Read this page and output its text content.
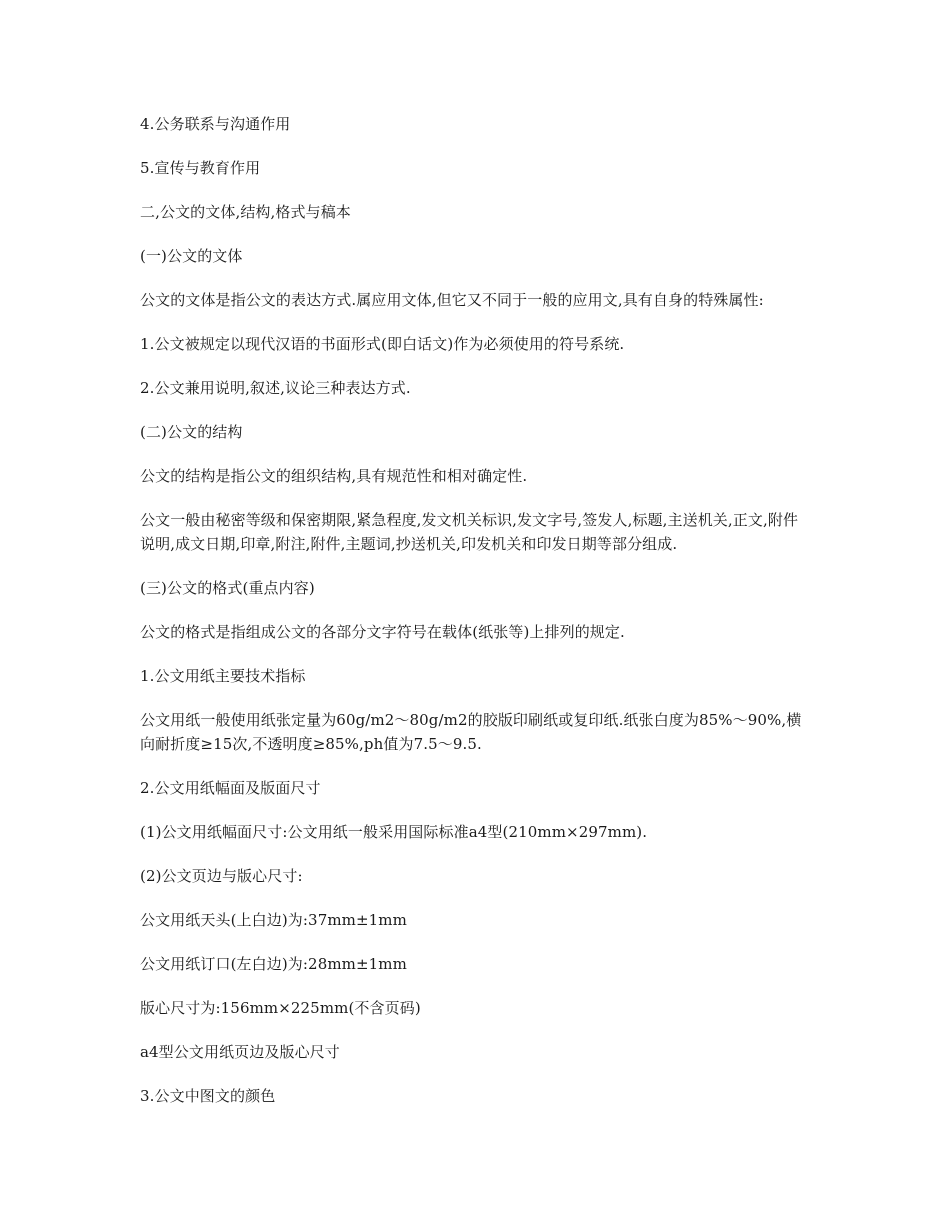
4.公务联系与沟通作用

5.宣传与教育作用

二,公文的文体,结构,格式与稿本

(一)公文的文体

公文的文体是指公文的表达方式.属应用文体,但它又不同于一般的应用文,具有自身的特殊属性:

1.公文被规定以现代汉语的书面形式(即白话文)作为必须使用的符号系统.

2.公文兼用说明,叙述,议论三种表达方式.

(二)公文的结构

公文的结构是指公文的组织结构,具有规范性和相对确定性.

公文一般由秘密等级和保密期限,紧急程度,发文机关标识,发文字号,签发人,标题,主送机关,正文,附件说明,成文日期,印章,附注,附件,主题词,抄送机关,印发机关和印发日期等部分组成.

(三)公文的格式(重点内容)

公文的格式是指组成公文的各部分文字符号在载体(纸张等)上排列的规定.

1.公文用纸主要技术指标

公文用纸一般使用纸张定量为60g/m2～80g/m2的胶版印刷纸或复印纸.纸张白度为85%～90%,横向耐折度≥15次,不透明度≥85%,ph值为7.5～9.5.

2.公文用纸幅面及版面尺寸

(1)公文用纸幅面尺寸:公文用纸一般采用国际标准a4型(210mm×297mm).

(2)公文页边与版心尺寸:

公文用纸天头(上白边)为:37mm±1mm

公文用纸订口(左白边)为:28mm±1mm

版心尺寸为:156mm×225mm(不含页码)

a4型公文用纸页边及版心尺寸

3.公文中图文的颜色
